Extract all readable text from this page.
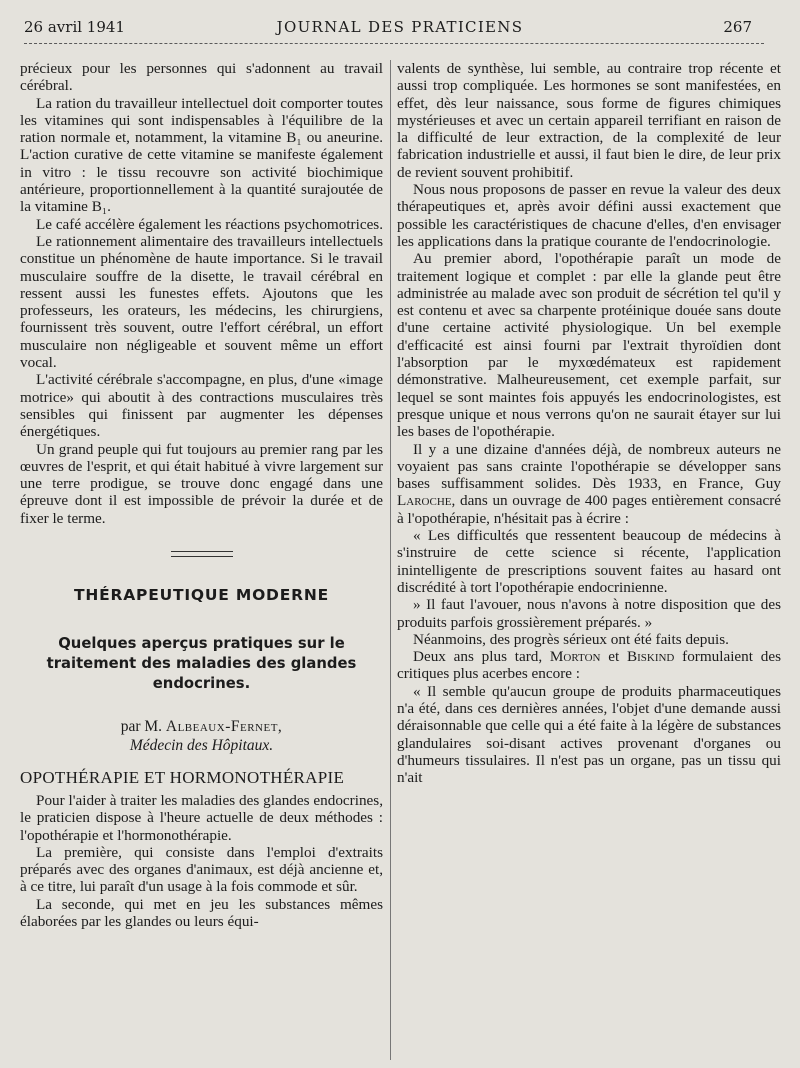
26 avril 1941	JOURNAL DES PRATICIENS	267

précieux pour les personnes qui s'adonnent au travail cérébral.

La ration du travailleur intellectuel doit comporter toutes les vitamines qui sont indispensables à l'équilibre de la ration normale et, notamment, la vitamine B₁ ou aneurine. L'action curative de cette vitamine se manifeste également in vitro : le tissu recouvre son activité biochimique antérieure, proportionnellement à la quantité surajoutée de la vitamine B₁.

Le café accélère également les réactions psychomotrices.

Le rationnement alimentaire des travailleurs intellectuels constitue un phénomène de haute importance. Si le travail musculaire souffre de la disette, le travail cérébral en ressent aussi les funestes effets. Ajoutons que les professeurs, les orateurs, les médecins, les chirurgiens, fournissent très souvent, outre l'effort cérébral, un effort musculaire non négligeable et souvent même un effort vocal.

L'activité cérébrale s'accompagne, en plus, d'une «image motrice» qui aboutit à des contractions musculaires très sensibles qui finissent par augmenter les dépenses énergétiques.

Un grand peuple qui fut toujours au premier rang par les œuvres de l'esprit, et qui était habitué à vivre largement sur une terre prodigue, se trouve donc engagé dans une épreuve dont il est impossible de prévoir la durée et de fixer le terme.

THÉRAPEUTIQUE MODERNE
Quelques aperçus pratiques sur le traitement des maladies des glandes endocrines.
par M. Albeaux-Fernet,
Médecin des Hôpitaux.
OPOTHÉRAPIE ET HORMONOTHÉRAPIE

Pour l'aider à traiter les maladies des glandes endocrines, le praticien dispose à l'heure actuelle de deux méthodes : l'opothérapie et l'hormonothérapie.

La première, qui consiste dans l'emploi d'extraits préparés avec des organes d'animaux, est déjà ancienne et, à ce titre, lui paraît d'un usage à la fois commode et sûr.

La seconde, qui met en jeu les substances mêmes élaborées par les glandes ou leurs équi-

valents de synthèse, lui semble, au contraire trop récente et aussi trop compliquée. Les hormones se sont manifestées, en effet, dès leur naissance, sous forme de figures chimiques mystérieuses et avec un certain appareil terrifiant en raison de la difficulté de leur extraction, de la complexité de leur fabrication industrielle et aussi, il faut bien le dire, de leur prix de revient souvent prohibitif.

Nous nous proposons de passer en revue la valeur des deux thérapeutiques et, après avoir défini aussi exactement que possible les caractéristiques de chacune d'elles, d'en envisager les applications dans la pratique courante de l'endocrinologie.

Au premier abord, l'opothérapie paraît un mode de traitement logique et complet : par elle la glande peut être administrée au malade avec son produit de sécrétion tel qu'il y est contenu et avec sa charpente protéinique douée sans doute d'une certaine activité physiologique. Un bel exemple d'efficacité est ainsi fourni par l'extrait thyroïdien dont l'absorption par le myxœdémateux est rapidement démonstrative. Malheureusement, cet exemple parfait, sur lequel se sont maintes fois appuyés les endocrinologistes, est presque unique et nous verrons qu'on ne saurait étayer sur lui les bases de l'opothérapie.

Il y a une dizaine d'années déjà, de nombreux auteurs ne voyaient pas sans crainte l'opothérapie se développer sans bases suffisamment solides. Dès 1933, en France, Guy Laroche, dans un ouvrage de 400 pages entièrement consacré à l'opothérapie, n'hésitait pas à écrire :

« Les difficultés que ressentent beaucoup de médecins à s'instruire de cette science si récente, l'application inintelligente de prescriptions souvent faites au hasard ont discrédité à tort l'opothérapie endocrinienne.

» Il faut l'avouer, nous n'avons à notre disposition que des produits parfois grossièrement préparés. »

Néanmoins, des progrès sérieux ont été faits depuis.

Deux ans plus tard, Morton et Biskind formulaient des critiques plus acerbes encore :

« Il semble qu'aucun groupe de produits pharmaceutiques n'a été, dans ces dernières années, l'objet d'une demande aussi déraisonnable que celle qui a été faite à la légère de substances glandulaires soi-disant actives provenant d'organes ou d'humeurs tissulaires. Il n'est pas un organe, pas un tissu qui n'ait
